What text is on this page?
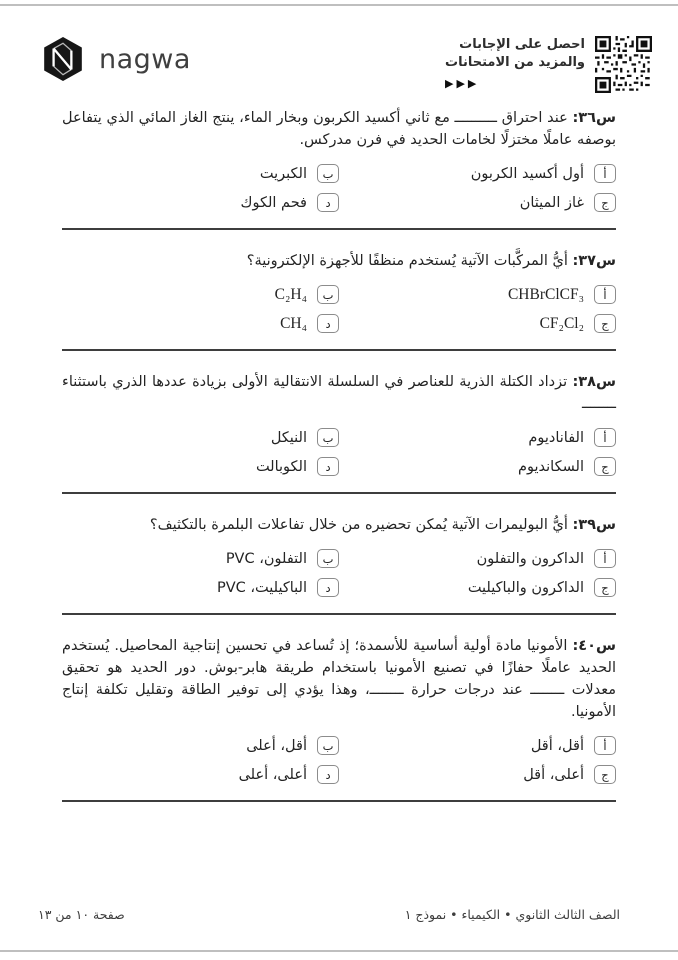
nagwa	احصل على الإجابات
والمزيد من الامتحانات
▶▶▶

س٣٦: عند احتراق ــــــــــ مع ثاني أكسيد الكربون وبخار الماء، ينتج الغاز المائي الذي يتفاعل بوصفه عاملًا مختزلًا لخامات الحديد في فرن مدركس.

أ
أول أكسيد الكربون
ب
الكبريت
ج
غاز الميثان
د
فحم الكوك

س٣٧: أيُّ المركَّبات الآتية يُستخدم منظفًا للأجهزة الإلكترونية؟

أ
CHBrClCF₃
ب
C₂H₄
ج
CF₂Cl₂
د
CH₄

س٣٨: تزداد الكتلة الذرية للعناصر في السلسلة الانتقالية الأولى بزيادة عددها الذري باستثناء ــــــــ

أ
الفاناديوم
ب
النيكل
ج
السكانديوم
د
الكوبالت

س٣٩: أيُّ البوليمرات الآتية يُمكن تحضيره من خلال تفاعلات البلمرة بالتكثيف؟

أ
الداكرون والتفلون
ب
التفلون، PVC
ج
الداكرون والباكيليت
د
الباكيليت، PVC

س٤٠: الأمونيا مادة أولية أساسية للأسمدة؛ إذ تُساعد في تحسين إنتاجية المحاصيل. يُستخدم الحديد عاملًا حفازًا في تصنيع الأمونيا باستخدام طريقة هابر-بوش. دور الحديد هو تحقيق معدلات ــــــــ عند درجات حرارة ــــــــ، وهذا يؤدي إلى توفير الطاقة وتقليل تكلفة إنتاج الأمونيا.

أ
أقل، أقل
ب
أقل، أعلى
ج
أعلى، أقل
د
أعلى، أعلى
الصف الثالث الثانوي • الكيمياء • نموذج ١
صفحة ١٠ من ١٣
